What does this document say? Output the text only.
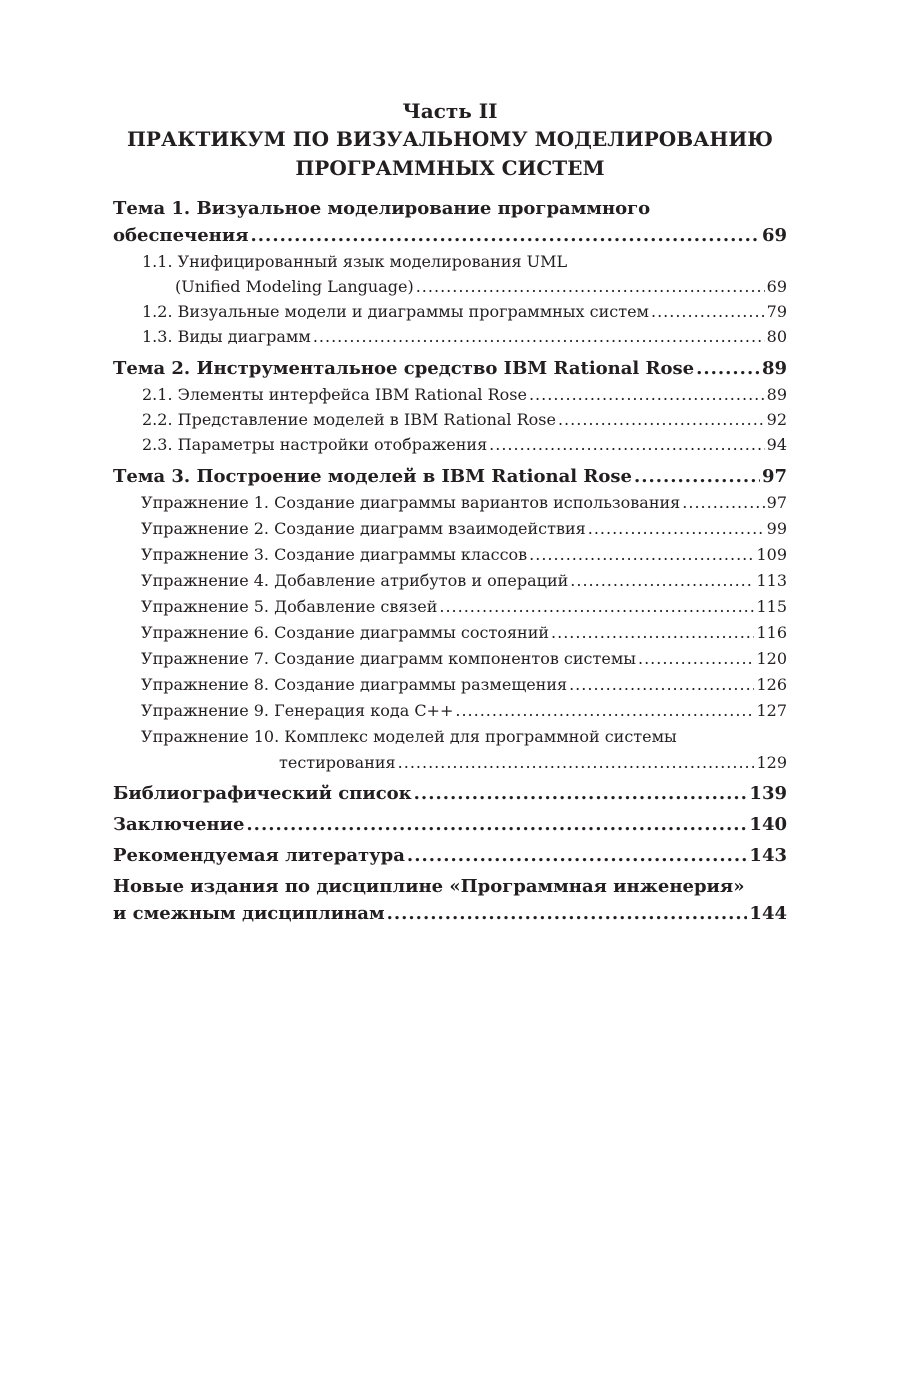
Часть II
ПРАКТИКУМ ПО ВИЗУАЛЬНОМУ МОДЕЛИРОВАНИЮ
ПРОГРАММНЫХ СИСТЕМ
Тема 1. Визуальное моделирование программного
обеспечения .....	69
1.1. Унифицированный язык моделирования UML
(Unified Modeling Language) .....	69
1.2. Визуальные модели и диаграммы программных систем .....	79
1.3. Виды диаграмм .....	80
Тема 2. Инструментальное средство IBM Rational Rose .....	89
2.1. Элементы интерфейса IBM Rational Rose .....	89
2.2. Представление моделей в IBM Rational Rose .....	92
2.3. Параметры настройки отображения .....	94
Тема 3. Построение моделей в IBM Rational Rose .....	97
Упражнение 1. Создание диаграммы вариантов использования .....	97
Упражнение 2. Создание диаграмм взаимодействия .....	99
Упражнение 3. Создание диаграммы классов .....	109
Упражнение 4. Добавление атрибутов и операций .....	113
Упражнение 5. Добавление связей .....	115
Упражнение 6. Создание диаграммы состояний .....	116
Упражнение 7. Создание диаграмм компонентов системы .....	120
Упражнение 8. Создание диаграммы размещения .....	126
Упражнение 9. Генерация кода C++ .....	127
Упражнение 10. Комплекс моделей для программной системы
тестирования .....	129
Библиографический список .....	139
Заключение .....	140
Рекомендуемая литература .....	143
Новые издания по дисциплине «Программная инженерия»
и смежным дисциплинам .....	144
